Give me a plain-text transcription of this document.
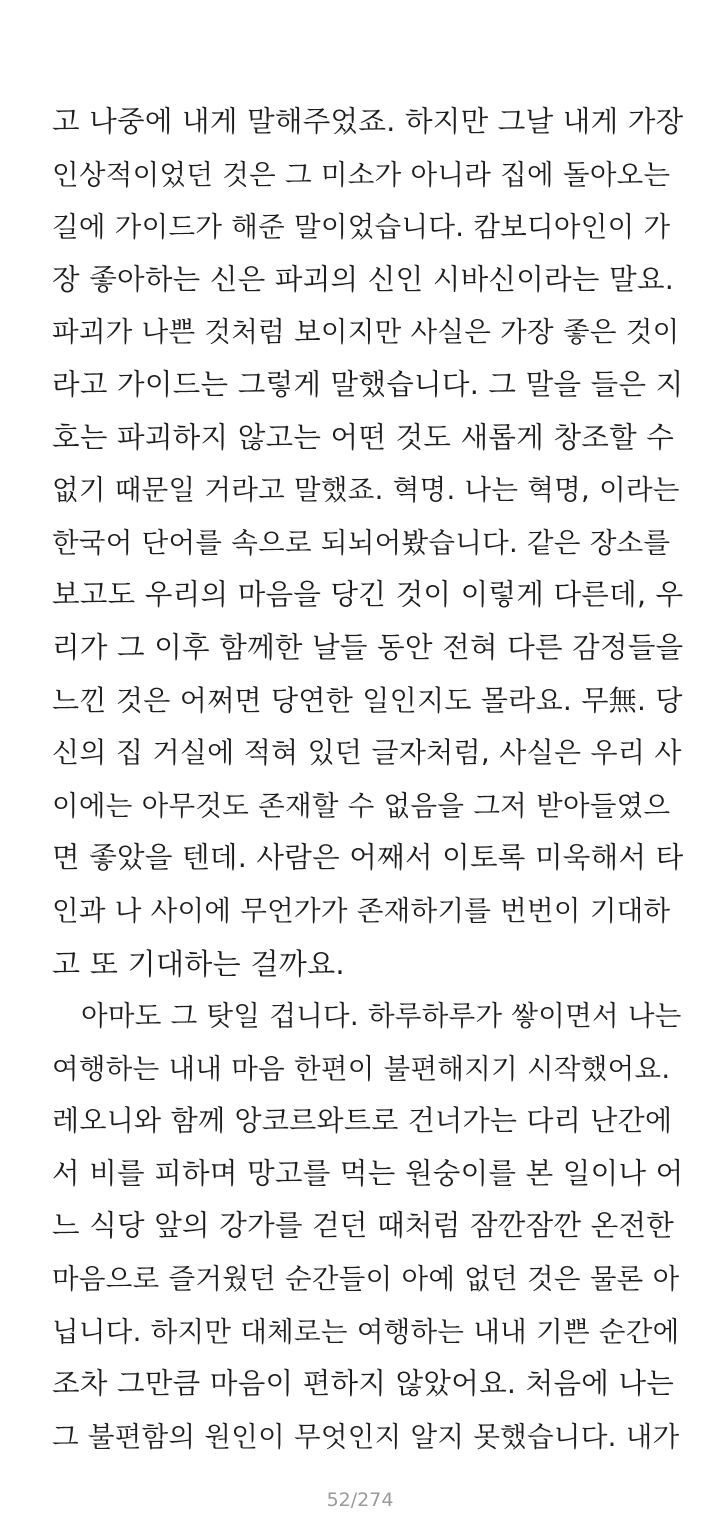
고 나중에 내게 말해주었죠. 하지만 그날 내게 가장
인상적이었던 것은 그 미소가 아니라 집에 돌아오는
길에 가이드가 해준 말이었습니다. 캄보디아인이 가
장 좋아하는 신은 파괴의 신인 시바신이라는 말요.
파괴가 나쁜 것처럼 보이지만 사실은 가장 좋은 것이
라고 가이드는 그렇게 말했습니다. 그 말을 들은 지
호는 파괴하지 않고는 어떤 것도 새롭게 창조할 수
없기 때문일 거라고 말했죠. 혁명. 나는 혁명, 이라는
한국어 단어를 속으로 되뇌어봤습니다. 같은 장소를
보고도 우리의 마음을 당긴 것이 이렇게 다른데, 우
리가 그 이후 함께한 날들 동안 전혀 다른 감정들을
느낀 것은 어쩌면 당연한 일인지도 몰라요. 무無. 당
신의 집 거실에 적혀 있던 글자처럼, 사실은 우리 사
이에는 아무것도 존재할 수 없음을 그저 받아들였으
면 좋았을 텐데. 사람은 어째서 이토록 미욱해서 타
인과 나 사이에 무언가가 존재하기를 번번이 기대하
고 또 기대하는 걸까요.
아마도 그 탓일 겁니다. 하루하루가 쌓이면서 나는
여행하는 내내 마음 한편이 불편해지기 시작했어요.
레오니와 함께 앙코르와트로 건너가는 다리 난간에
서 비를 피하며 망고를 먹는 원숭이를 본 일이나 어
느 식당 앞의 강가를 걷던 때처럼 잠깐잠깐 온전한
마음으로 즐거웠던 순간들이 아예 없던 것은 물론 아
닙니다. 하지만 대체로는 여행하는 내내 기쁜 순간에
조차 그만큼 마음이 편하지 않았어요. 처음에 나는
그 불편함의 원인이 무엇인지 알지 못했습니다. 내가
52/274
